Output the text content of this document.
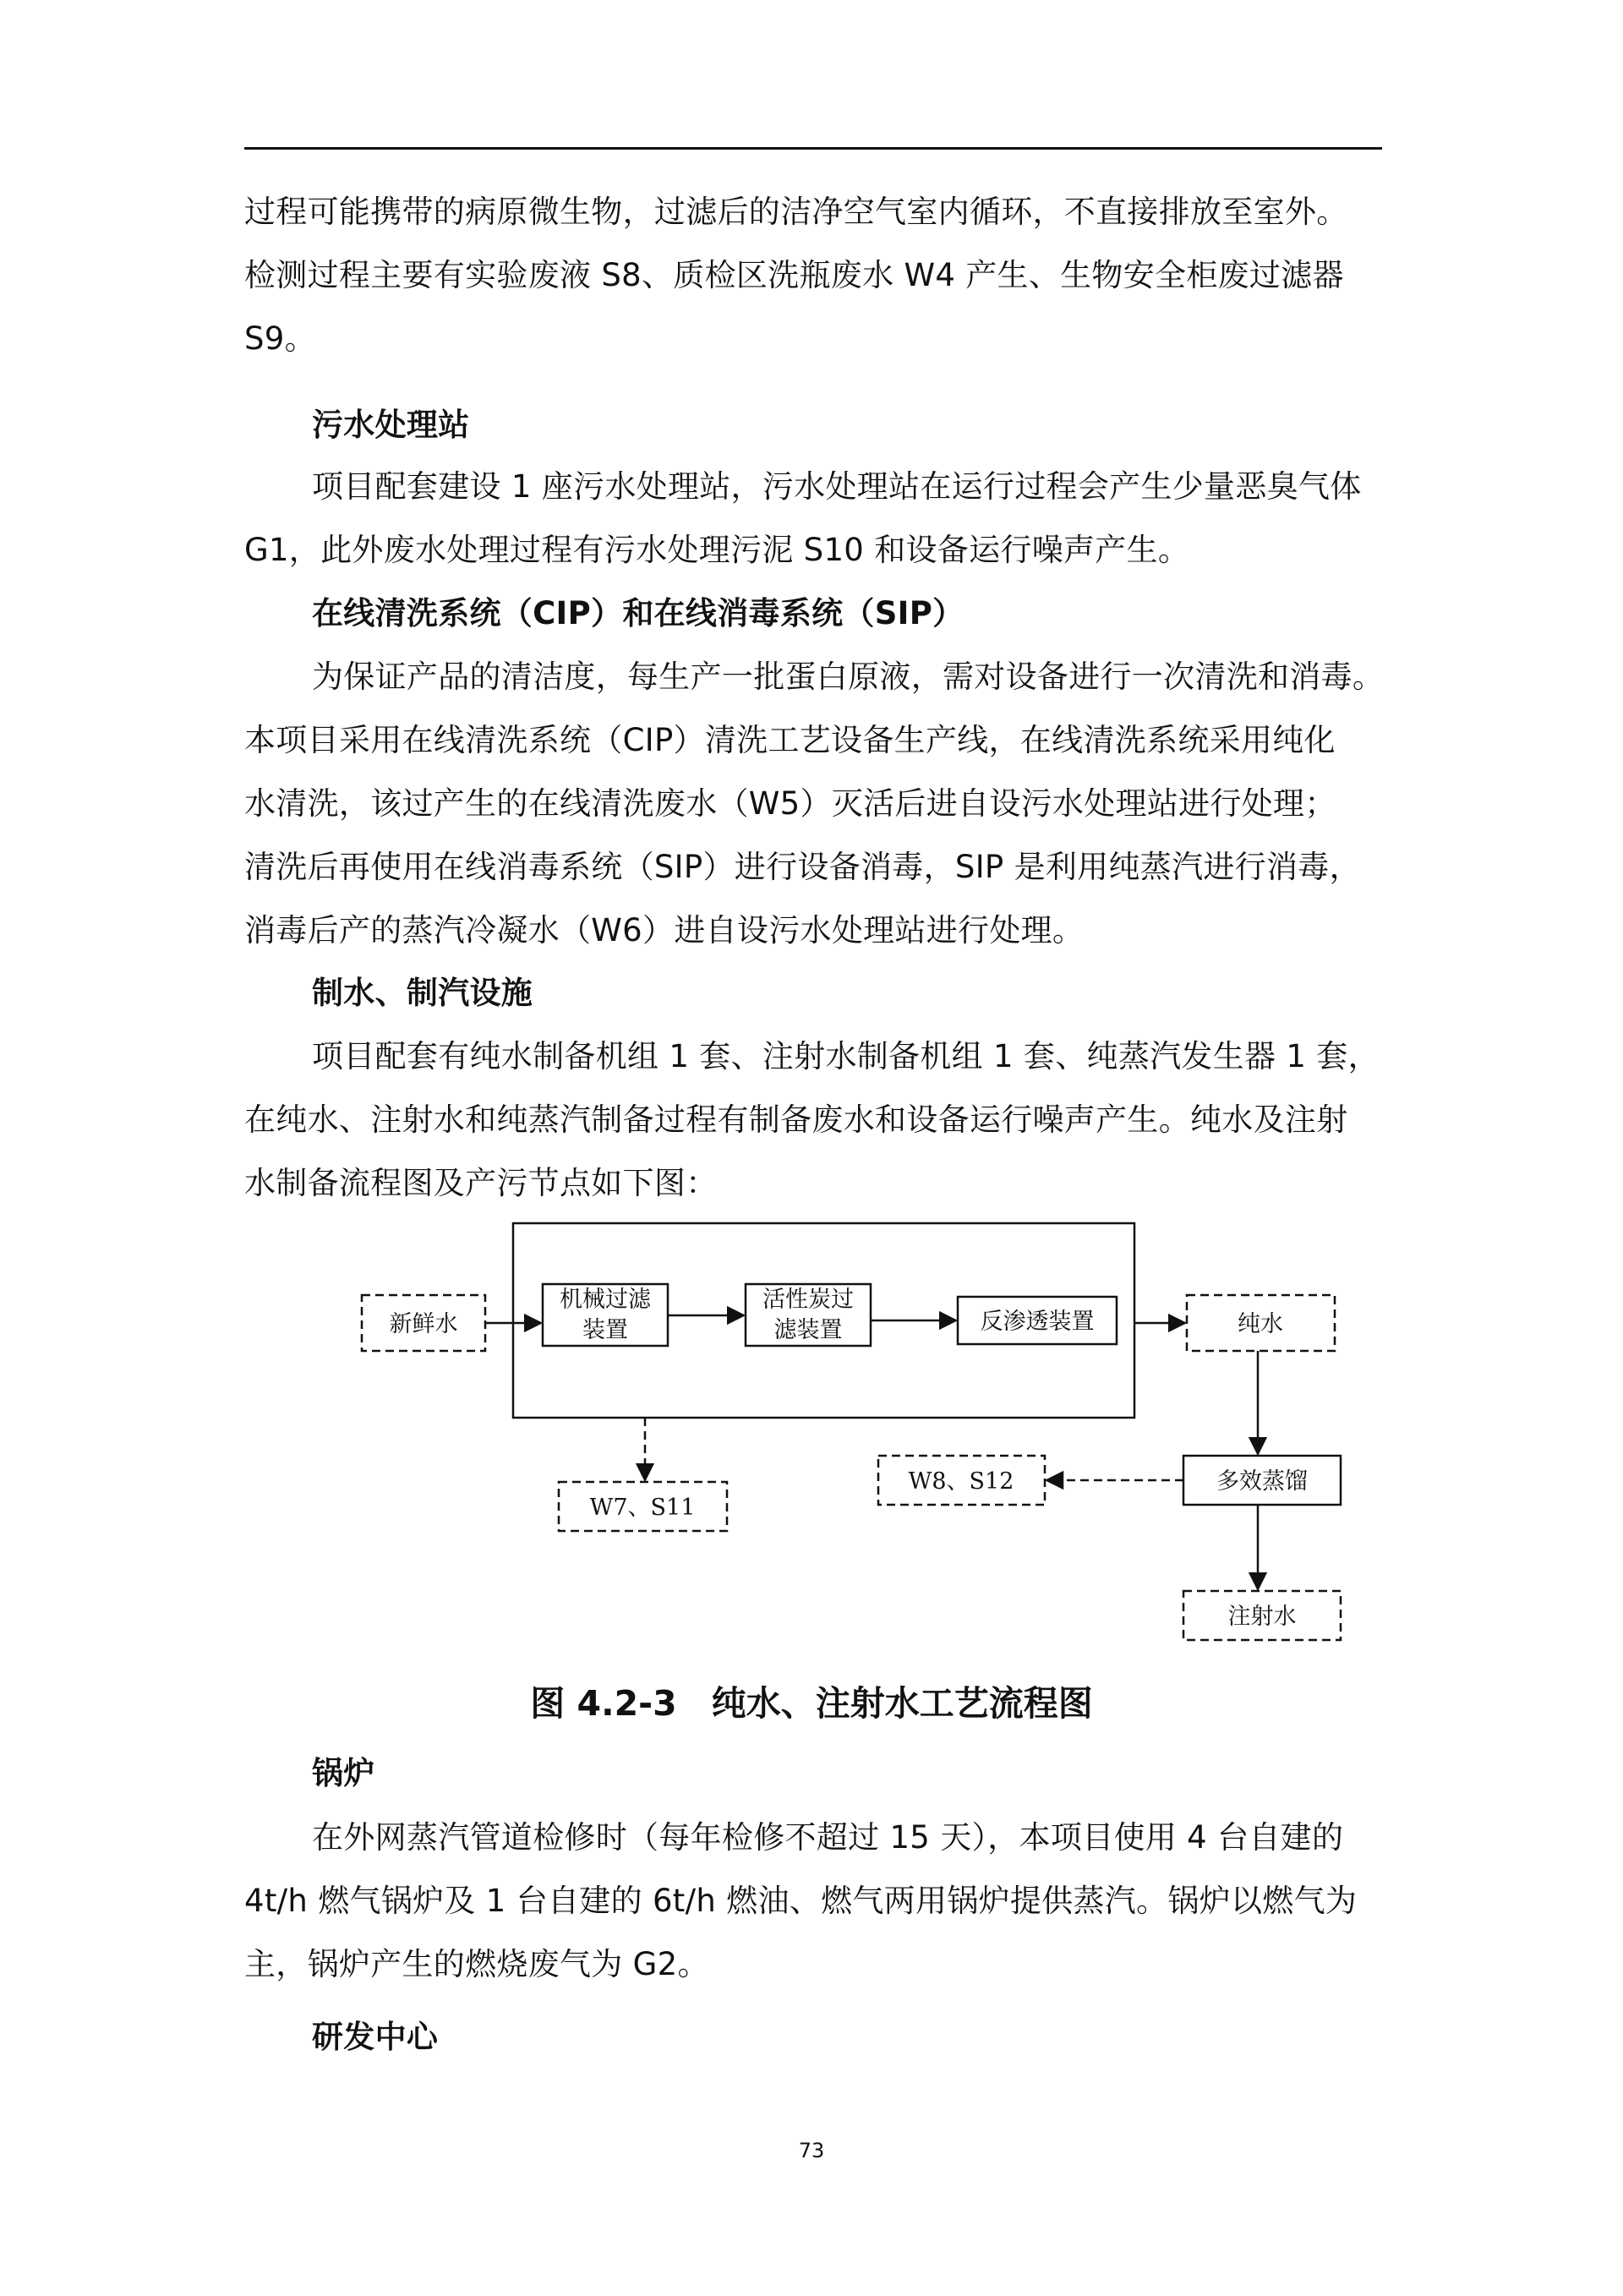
过程可能携带的病原微生物，过滤后的洁净空气室内循环，不直接排放至室外。
检测过程主要有实验废液 S8、质检区洗瓶废水 W4 产生、生物安全柜废过滤器
S9。
污水处理站
项目配套建设 1 座污水处理站，污水处理站在运行过程会产生少量恶臭气体
G1，此外废水处理过程有污水处理污泥 S10 和设备运行噪声产生。
在线清洗系统（CIP）和在线消毒系统（SIP）
为保证产品的清洁度，每生产一批蛋白原液，需对设备进行一次清洗和消毒。
本项目采用在线清洗系统（CIP）清洗工艺设备生产线，在线清洗系统采用纯化
水清洗，该过产生的在线清洗废水（W5）灭活后进自设污水处理站进行处理；
清洗后再使用在线消毒系统（SIP）进行设备消毒，SIP 是利用纯蒸汽进行消毒，
消毒后产的蒸汽冷凝水（W6）进自设污水处理站进行处理。
制水、制汽设施
项目配套有纯水制备机组 1 套、注射水制备机组 1 套、纯蒸汽发生器 1 套，
在纯水、注射水和纯蒸汽制备过程有制备废水和设备运行噪声产生。纯水及注射
水制备流程图及产污节点如下图：
新鲜水
机械过滤
装置
活性炭过
滤装置	反渗透装置	纯水
W7、S11
多效蒸馏
W8、S12
注射水
图 4.2-3　纯水、注射水工艺流程图
锅炉
在外网蒸汽管道检修时（每年检修不超过 15 天），本项目使用 4 台自建的
4t/h 燃气锅炉及 1 台自建的 6t/h 燃油、燃气两用锅炉提供蒸汽。锅炉以燃气为
主，锅炉产生的燃烧废气为 G2。
研发中心
73
